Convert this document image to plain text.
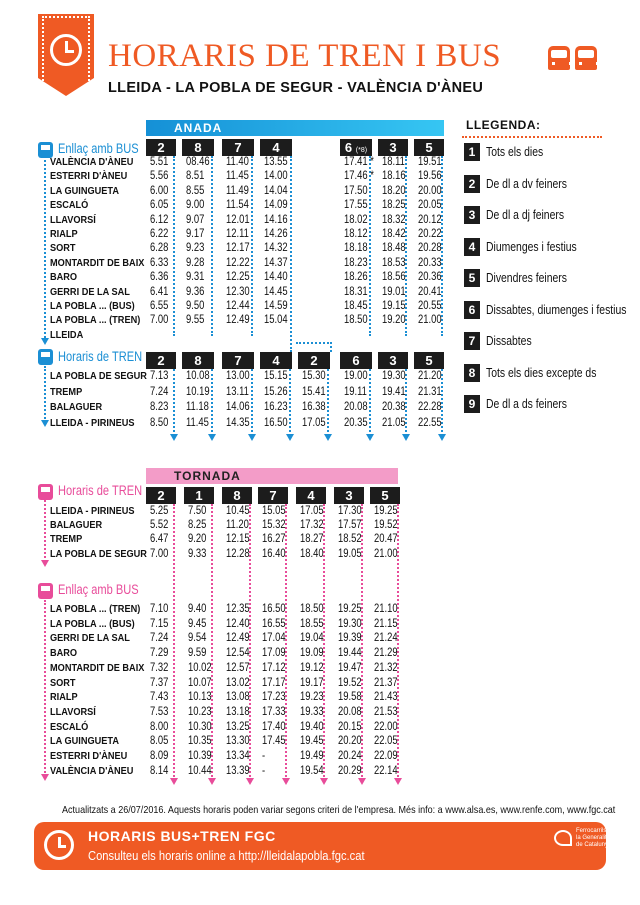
HORARIS DE TREN I BUS
LLEIDA - LA POBLA DE SEGUR - VALÈNCIA D'ÀNEU
ANADA
TORNADA
Enllaç amb BUS
Horaris de TREN
Horaris de TREN
Enllaç amb BUS
2	8	7	4	6 (*8)	3	5
VALÈNCIA D'ÀNEU 5.51 08.46 11.40 13.55	17.41 * 18.11 19.51
ESTERRI D'ÀNEU 5.56 8.51 11.45 14.00	17.46 * 18.16 19.56
LA GUINGUETA	6.00 8.55 11.49 14.04	17.50 18.20 20.00
ESCALÓ	6.05 9.00 11.54 14.09	17.55 18.25 20.05
LLAVORSÍ	6.12 9.07 12.01 14.16	18.02 18.32 20.12
RIALP	6.22 9.17 12.11 14.26	18.12 18.42 20.22
SORT	6.28 9.23 12.17 14.32	18.18 18.48 20.28
MONTARDIT DE BAIX 6.33 9.28 12.22 14.37	18.23 18.53 20.33
BARO	6.36 9.31 12.25 14.40	18.26 18.56 20.36
GERRI DE LA SAL 6.41 9.36 12.30 14.45	18.31 19.01 20.41
LA POBLA ... (BUS) 6.55 9.50 12.44 14.59	18.45 19.15 20.55
LA POBLA ... (TREN) 7.00 9.55 12.49 15.04	18.50 19.20 21.00
LLEIDA
2	8	7	4	2	6	3	5
LA POBLA DE SEGUR 7.13 10.08 13.00 15.15 15.30 19.00 19.30 21.20
TREMP	7.24 10.19 13.11 15.26 15.41 19.11 19.41 21.31
BALAGUER	8.23 11.18 14.06 16.23 16.38 20.08 20.38 22.28
LLEIDA - PIRINEUS 8.50 11.45 14.35 16.50 17.05 20.35 21.05 22.55
2	1	8	7	4	3	5
LLEIDA - PIRINEUS 5.25 7.50 10.45 15.05 17.05 17.30 19.25
BALAGUER	5.52 8.25 11.20 15.32 17.32 17.57 19.52
TREMP	6.47 9.20 12.15 16.27 18.27 18.52 20.47
LA POBLA DE SEGUR 7.00 9.33 12.28 16.40 18.40 19.05 21.00
LA POBLA ... (TREN) 7.10 9.40 12.35 16.50 18.50 19.25 21.10
LA POBLA ... (BUS) 7.15 9.45 12.40 16.55 18.55 19.30 21.15
GERRI DE LA SAL 7.24 9.54 12.49 17.04 19.04 19.39 21.24
BARO	7.29 9.59 12.54 17.09 19.09 19.44 21.29
MONTARDIT DE BAIX 7.32 10.02 12.57 17.12 19.12 19.47 21.32
SORT	7.37 10.07 13.02 17.17 19.17 19.52 21.37
RIALP	7.43 10.13 13.08 17.23 19.23 19.58 21.43
LLAVORSÍ	7.53 10.23 13.18 17.33 19.33 20.08 21.53
ESCALÓ	8.00 10.30 13.25 17.40 19.40 20.15 22.00
LA GUINGUETA	8.05 10.35 13.30 17.45 19.45 20.20 22.05
ESTERRI D'ÀNEU 8.09 10.39 13.34 -	19.49 20.24 22.09
VALÈNCIA D'ÀNEU 8.14 10.44 13.39 -	19.54 20.29 22.14
LLEGENDA:
1 Tots els dies
2 De dl a dv feiners
3 De dl a dj feiners
4 Diumenges i festius
5 Divendres feiners
6 Dissabtes, diumenges i festius
7 Dissabtes
8 Tots els dies excepte ds
9 De dl a ds feiners
Actualitzats a 26/07/2016. Aquests horaris poden variar segons criteri de l'empresa. Més info: a www.alsa.es, www.renfe.com, www.fgc.cat
HORARIS BUS+TREN FGC
Consulteu els horaris online a http://lleidalapobla.fgc.cat
Ferrocarrils de la Generalitat de Catalunya
